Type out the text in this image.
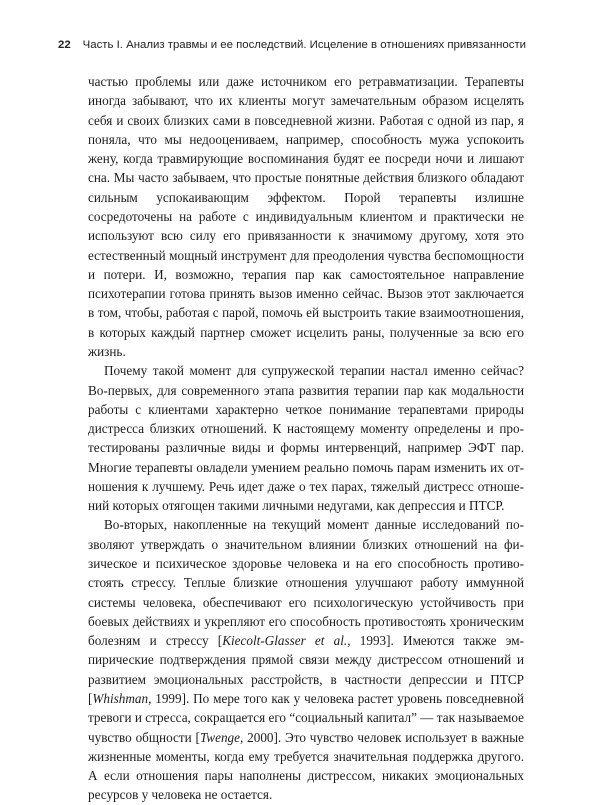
22 Часть I. Анализ травмы и ее последствий. Исцеление в отношениях привязанности

частью проблемы или даже источником его ретравматизации. Терапевты иногда забывают, что их клиенты могут замечательным образом исцелять себя и своих близких сами в повседневной жизни. Работая с одной из пар, я поняла, что мы недооцениваем, например, способность мужа успокоить жену, когда травмирующие воспоминания будят ее посреди ночи и лишают сна. Мы часто забываем, что простые понятные действия близкого обладают сильным успокаивающим эффектом. Порой терапевты излишне сосредоточены на работе с индивидуальным клиентом и практически не используют всю силу его привязанности к значимому другому, хотя это естественный мощный инструмент для преодоления чувства беспомощности и потери. И, возможно, терапия пар как самостоятельное направление психотерапии готова принять вызов именно сейчас. Вызов этот заключается в том, чтобы, работая с парой, помочь ей выстроить такие взаимоотношения, в которых каждый партнер сможет исцелить раны, полученные за всю его жизнь.

Почему такой момент для супружеской терапии настал именно сейчас? Во-первых, для современного этапа развития терапии пар как модальности работы с клиентами характерно четкое понимание терапевтами природы дистресса близких отношений. К настоящему моменту определены и протестированы различные виды и формы интервенций, например ЭФТ пар. Многие терапевты овладели умением реально помочь парам изменить их отношения к лучшему. Речь идет даже о тех парах, тяжелый дистресс отношений которых отягощен такими личными недугами, как депрессия и ПТСР.

Во-вторых, накопленные на текущий момент данные исследований позволяют утверждать о значительном влиянии близких отношений на физическое и психическое здоровье человека и на его способность противостоять стрессу. Теплые близкие отношения улучшают работу иммунной системы человека, обеспечивают его психологическую устойчивость при боевых действиях и укрепляют его способность противостоять хроническим болезням и стрессу [Kiecolt-Glasser et al., 1993]. Имеются также эмпирические подтверждения прямой связи между дистрессом отношений и развитием эмоциональных расстройств, в частности депрессии и ПТСР [Whishman, 1999]. По мере того как у человека растет уровень повседневной тревоги и стресса, сокращается его “социальный капитал” — так называемое чувство общности [Twenge, 2000]. Это чувство человек использует в важные жизненные моменты, когда ему требуется значительная поддержка другого. А если отношения пары наполнены дистрессом, никаких эмоциональных ресурсов у человека не остается.
